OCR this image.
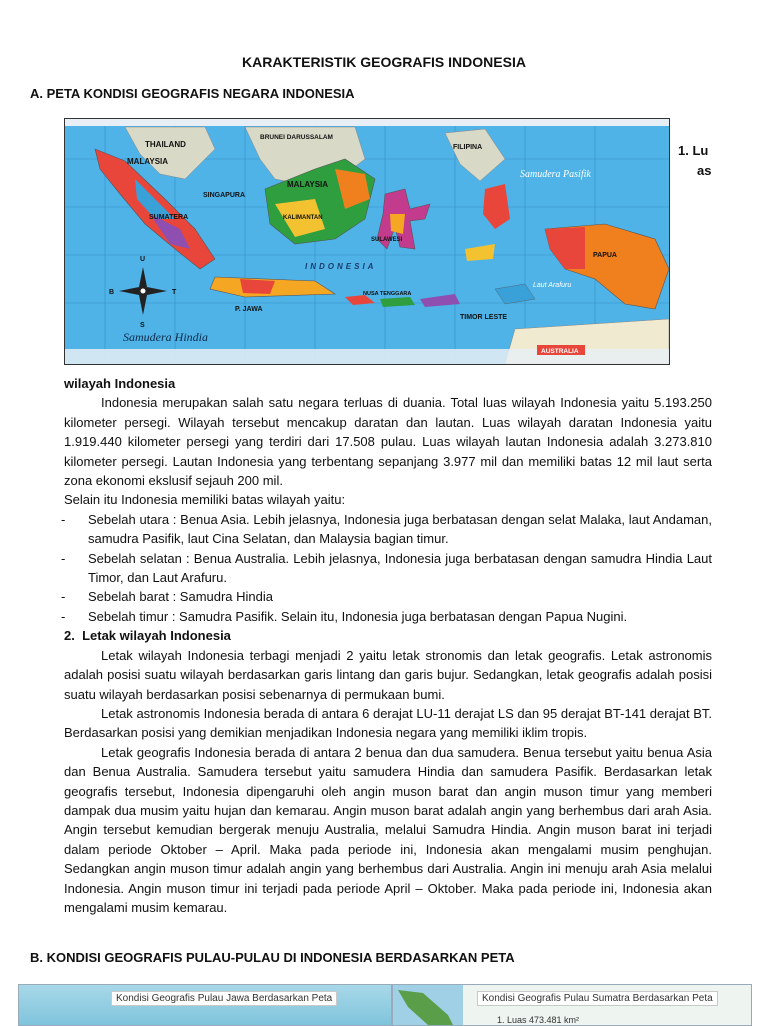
KARAKTERISTIK GEOGRAFIS INDONESIA
A. PETA KONDISI GEOGRAFIS NEGARA INDONESIA
THAILAND
MALAYSIA
BRUNEI DARUSSALAM
MALAYSIA
FILIPINA
SINGAPURA
SUMATERA	KALIMANTAN
SULAWESI
PAPUA
P. JAWA
INDONESIA
Samudera Pasifik
Samudera Hindia
TIMOR LESTE
Laut Arafuru
NUSA TENGGARA
AUSTRALIA
U
S
B	T
1. Lu
as

wilayah Indonesia

Indonesia merupakan salah satu negara terluas di duania. Total luas wilayah Indonesia yaitu 5.193.250 kilometer persegi. Wilayah tersebut mencakup daratan dan lautan. Luas wilayah daratan Indonesia yaitu 1.919.440 kilometer persegi yang terdiri dari 17.508 pulau. Luas wilayah lautan Indonesia adalah 3.273.810 kilometer persegi. Lautan Indonesia yang terbentang sepanjang 3.977 mil dan memiliki batas 12 mil laut serta zona ekonomi ekslusif sejauh 200 mil.

Selain itu Indonesia memiliki batas wilayah yaitu:

- Sebelah utara : Benua Asia. Lebih jelasnya, Indonesia juga berbatasan dengan selat Malaka, laut Andaman, samudra Pasifik, laut Cina Selatan, dan Malaysia bagian timur.

- Sebelah selatan : Benua Australia. Lebih jelasnya, Indonesia juga berbatasan dengan samudra Hindia Laut Timor, dan Laut Arafuru.

- Sebelah barat : Samudra Hindia

- Sebelah timur : Samudra Pasifik. Selain itu, Indonesia juga berbatasan dengan Papua Nugini.

2. Letak wilayah Indonesia

Letak wilayah Indonesia terbagi menjadi 2 yaitu letak stronomis dan letak geografis. Letak astronomis adalah posisi suatu wilayah berdasarkan garis lintang dan garis bujur. Sedangkan, letak geografis adalah posisi suatu wilayah berdasarkan posisi sebenarnya di permukaan bumi.

Letak astronomis Indonesia berada di antara 6 derajat LU-11 derajat LS dan 95 derajat BT-141 derajat BT. Berdasarkan posisi yang demikian menjadikan Indonesia negara yang memiliki iklim tropis.

Letak geografis Indonesia berada di antara 2 benua dan dua samudera. Benua tersebut yaitu benua Asia dan Benua Australia. Samudera tersebut yaitu samudera Hindia dan samudera Pasifik. Berdasarkan letak geografis tersebut, Indonesia dipengaruhi oleh angin muson barat dan angin muson timur yang memberi dampak dua musim yaitu hujan dan kemarau. Angin muson barat adalah angin yang berhembus dari arah Asia. Angin tersebut kemudian bergerak menuju Australia, melalui Samudra Hindia. Angin muson barat ini terjadi dalam periode Oktober – April. Maka pada periode ini, Indonesia akan mengalami musim penghujan. Sedangkan angin muson timur adalah angin yang berhembus dari Australia. Angin ini menuju arah Asia melalui Indonesia. Angin muson timur ini terjadi pada periode April – Oktober. Maka pada periode ini, Indonesia akan mengalami musim kemarau.

B. KONDISI GEOGRAFIS PULAU-PULAU DI INDONESIA BERDASARKAN PETA
Kondisi Geografis Pulau Jawa Berdasarkan Peta	Kondisi Geografis Pulau Sumatra Berdasarkan Peta
1. Luas 473.481 km²
